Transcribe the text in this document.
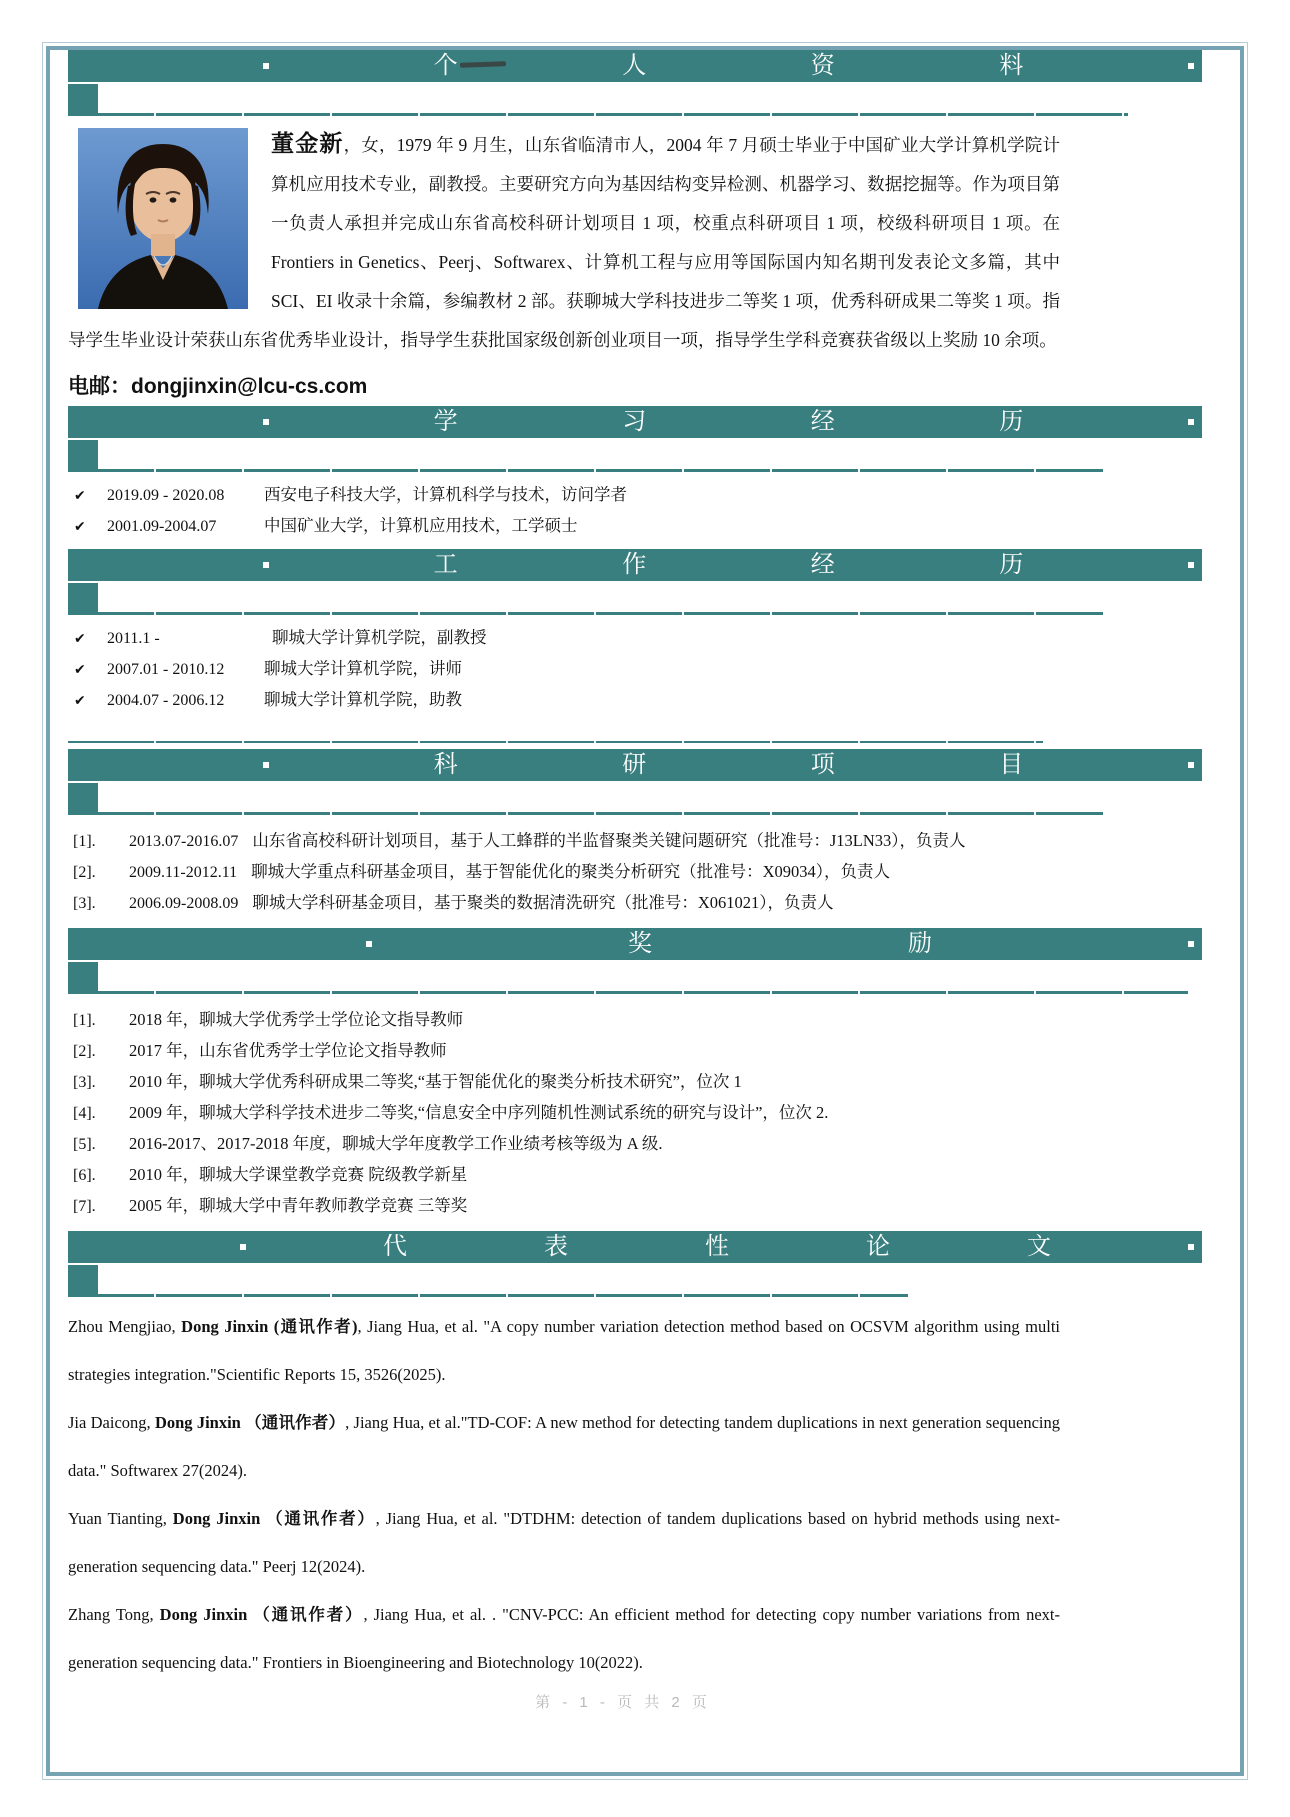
·	个	人	资	料	·

董金新，女，1979 年 9 月生，山东省临清市人，2004 年 7 月硕士毕业于中国矿业大学计算机学院计算机应用技术专业，副教授。主要研究方向为基因结构变异检测、机器学习、数据挖掘等。作为项目第一负责人承担并完成山东省高校科研计划项目 1 项，校重点科研项目 1 项，校级科研项目 1 项。在 Frontiers in Genetics、Peerj、Softwarex、计算机工程与应用等国际国内知名期刊发表论文多篇，其中 SCI、EI 收录十余篇，参编教材 2 部。获聊城大学科技进步二等奖 1 项，优秀科研成果二等奖 1 项。指导学生毕业设计荣获山东省优秀毕业设计，指导学生获批国家级创新创业项目一项，指导学生学科竞赛获省级以上奖励 10 余项。

电邮：dongjinxin@lcu-cs.com
·	学	习	经	历	·
✔	2019.09 - 2020.08	西安电子科技大学，计算机科学与技术，访问学者
✔	2001.09-2004.07	中国矿业大学，计算机应用技术，工学硕士
·	工	作	经	历	·
✔	2011.1 -	聊城大学计算机学院，副教授
✔	2007.01 - 2010.12	聊城大学计算机学院，讲师
✔	2004.07 - 2006.12	聊城大学计算机学院，助教
·	科	研	项	目	·
[1].	2013.07-2016.07 山东省高校科研计划项目，基于人工蜂群的半监督聚类关键问题研究（批准号：J13LN33），负责人
[2].	2009.11-2012.11 聊城大学重点科研基金项目，基于智能优化的聚类分析研究（批准号：X09034），负责人
[3].	2006.09-2008.09 聊城大学科研基金项目，基于聚类的数据清洗研究（批准号：X061021），负责人
·	奖	励	·
[1].	2018 年，聊城大学优秀学士学位论文指导教师
[2].	2017 年，山东省优秀学士学位论文指导教师
[3].	2010 年，聊城大学优秀科研成果二等奖,“基于智能优化的聚类分析技术研究”，位次 1
[4].	2009 年，聊城大学科学技术进步二等奖,“信息安全中序列随机性测试系统的研究与设计”，位次 2.
[5].	2016-2017、2017-2018 年度，聊城大学年度教学工作业绩考核等级为 A 级.
[6].	2010 年，聊城大学课堂教学竞赛 院级教学新星
[7].	2005 年，聊城大学中青年教师教学竞赛 三等奖
·	代	表	性	论	文	·

Zhou Mengjiao, Dong Jinxin (通讯作者), Jiang Hua, et al. "A copy number variation detection method based on OCSVM algorithm using multi strategies integration."Scientific Reports 15, 3526(2025).

Jia Daicong, Dong Jinxin （通讯作者）, Jiang Hua, et al."TD-COF: A new method for detecting tandem duplications in next generation sequencing data." Softwarex 27(2024).

Yuan Tianting, Dong Jinxin （通讯作者）, Jiang Hua, et al. "DTDHM: detection of tandem duplications based on hybrid methods using next-generation sequencing data." Peerj 12(2024).

Zhang Tong, Dong Jinxin （通讯作者）, Jiang Hua, et al. . "CNV-PCC: An efficient method for detecting copy number variations from next-generation sequencing data." Frontiers in Bioengineering and Biotechnology 10(2022).

第 - 1 - 页 共 2 页
